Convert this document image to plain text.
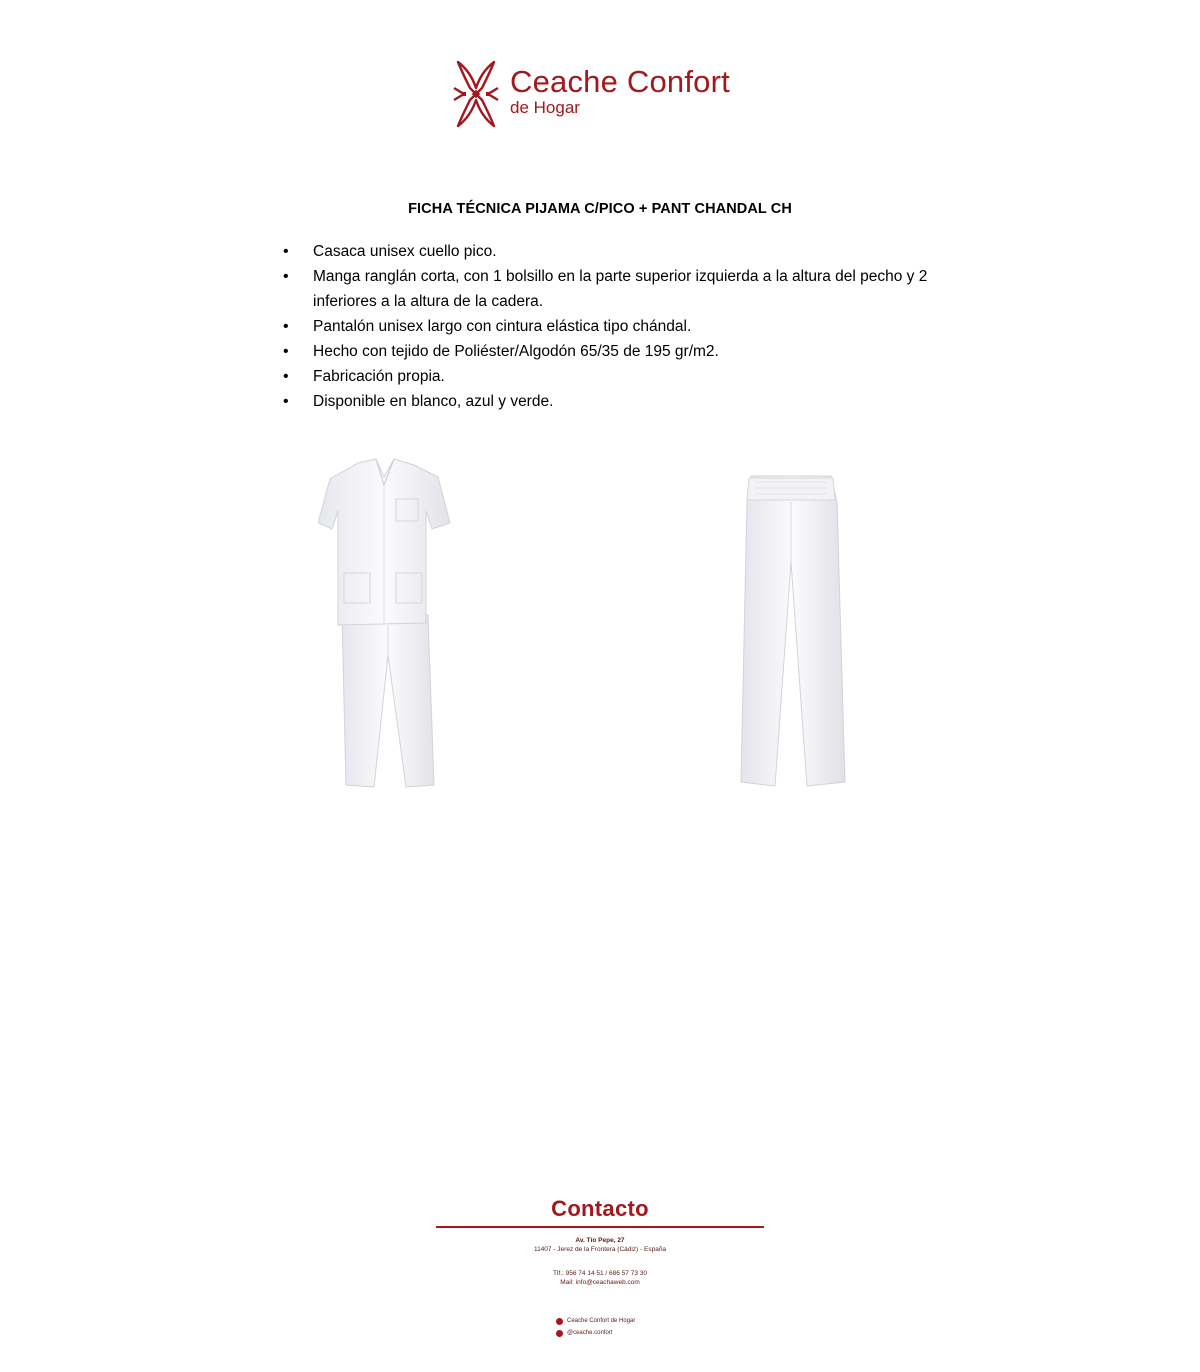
Ceache Confort
de Hogar
FICHA TÉCNICA PIJAMA C/PICO + PANT CHANDAL CH
• Casaca unisex cuello pico.
• Manga ranglán corta, con 1 bolsillo en la parte superior izquierda a la altura del pecho y 2 inferiores a la altura de la cadera.
• Pantalón unisex largo con cintura elástica tipo chándal.
• Hecho con tejido de Poliéster/Algodón 65/35 de 195 gr/m2.
• Fabricación propia.
• Disponible en blanco, azul y verde.
Contacto
Av. Tío Pepe, 27
11407 - Jerez de la Frontera (Cádiz) - España
Tlf.: 956 74 14 51 / 686 57 73 30
Mail: info@ceachaweb.com
Ceache Confort de Hogar
@ceache.confort
